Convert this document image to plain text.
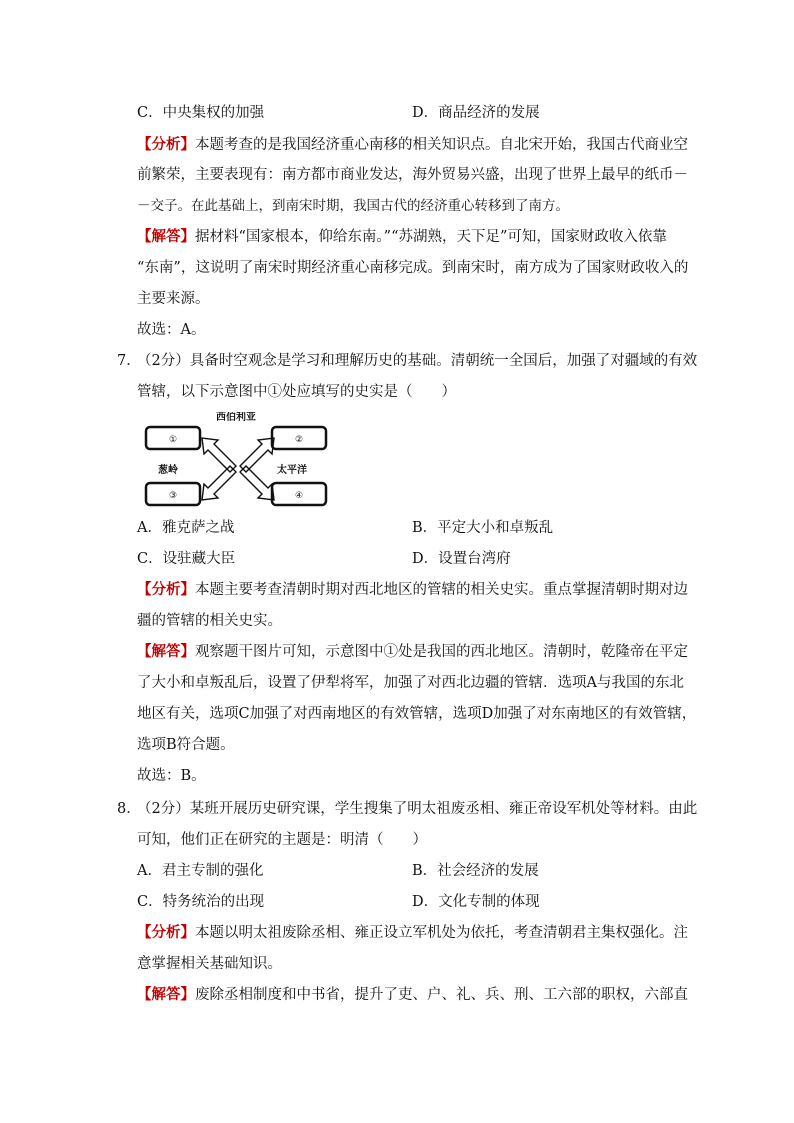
C．中央集权的加强	D．商品经济的发展
【分析】本题考查的是我国经济重心南移的相关知识点。自北宋开始，我国古代商业空
前繁荣，主要表现有：南方都市商业发达，海外贸易兴盛，出现了世界上最早的纸币－
－交子。在此基础上，到南宋时期，我国古代的经济重心转移到了南方。
【解答】据材料“国家根本，仰给东南。”“苏湖熟，天下足”可知，国家财政收入依靠
“东南”，这说明了南宋时期经济重心南移完成。到南宋时，南方成为了国家财政收入的
主要来源。
故选：A。
7．
（2分）具备时空观念是学习和理解历史的基础。清朝统一全国后，加强了对疆域的有效
管辖，以下示意图中①处应填写的史实是（　　）
①	②
③	④
西伯利亚
葱岭	太平洋
A．雅克萨之战	B．平定大小和卓叛乱
C．设驻藏大臣	D．设置台湾府
【分析】本题主要考查清朝时期对西北地区的管辖的相关史实。重点掌握清朝时期对边
疆的管辖的相关史实。
【解答】观察题干图片可知，示意图中①处是我国的西北地区。清朝时，乾隆帝在平定
了大小和卓叛乱后，设置了伊犁将军，加强了对西北边疆的管辖．选项A与我国的东北
地区有关，选项C加强了对西南地区的有效管辖，选项D加强了对东南地区的有效管辖，
选项B符合题。
故选：B。
8．
（2分）某班开展历史研究课，学生搜集了明太祖废丞相、雍正帝设军机处等材料。由此
可知，他们正在研究的主题是：明清（　　）
A．君主专制的强化	B．社会经济的发展
C．特务统治的出现	D．文化专制的体现
【分析】本题以明太祖废除丞相、雍正设立军机处为依托，考查清朝君主集权强化。注
意掌握相关基础知识。
【解答】废除丞相制度和中书省，提升了吏、户、礼、兵、刑、工六部的职权，六部直
